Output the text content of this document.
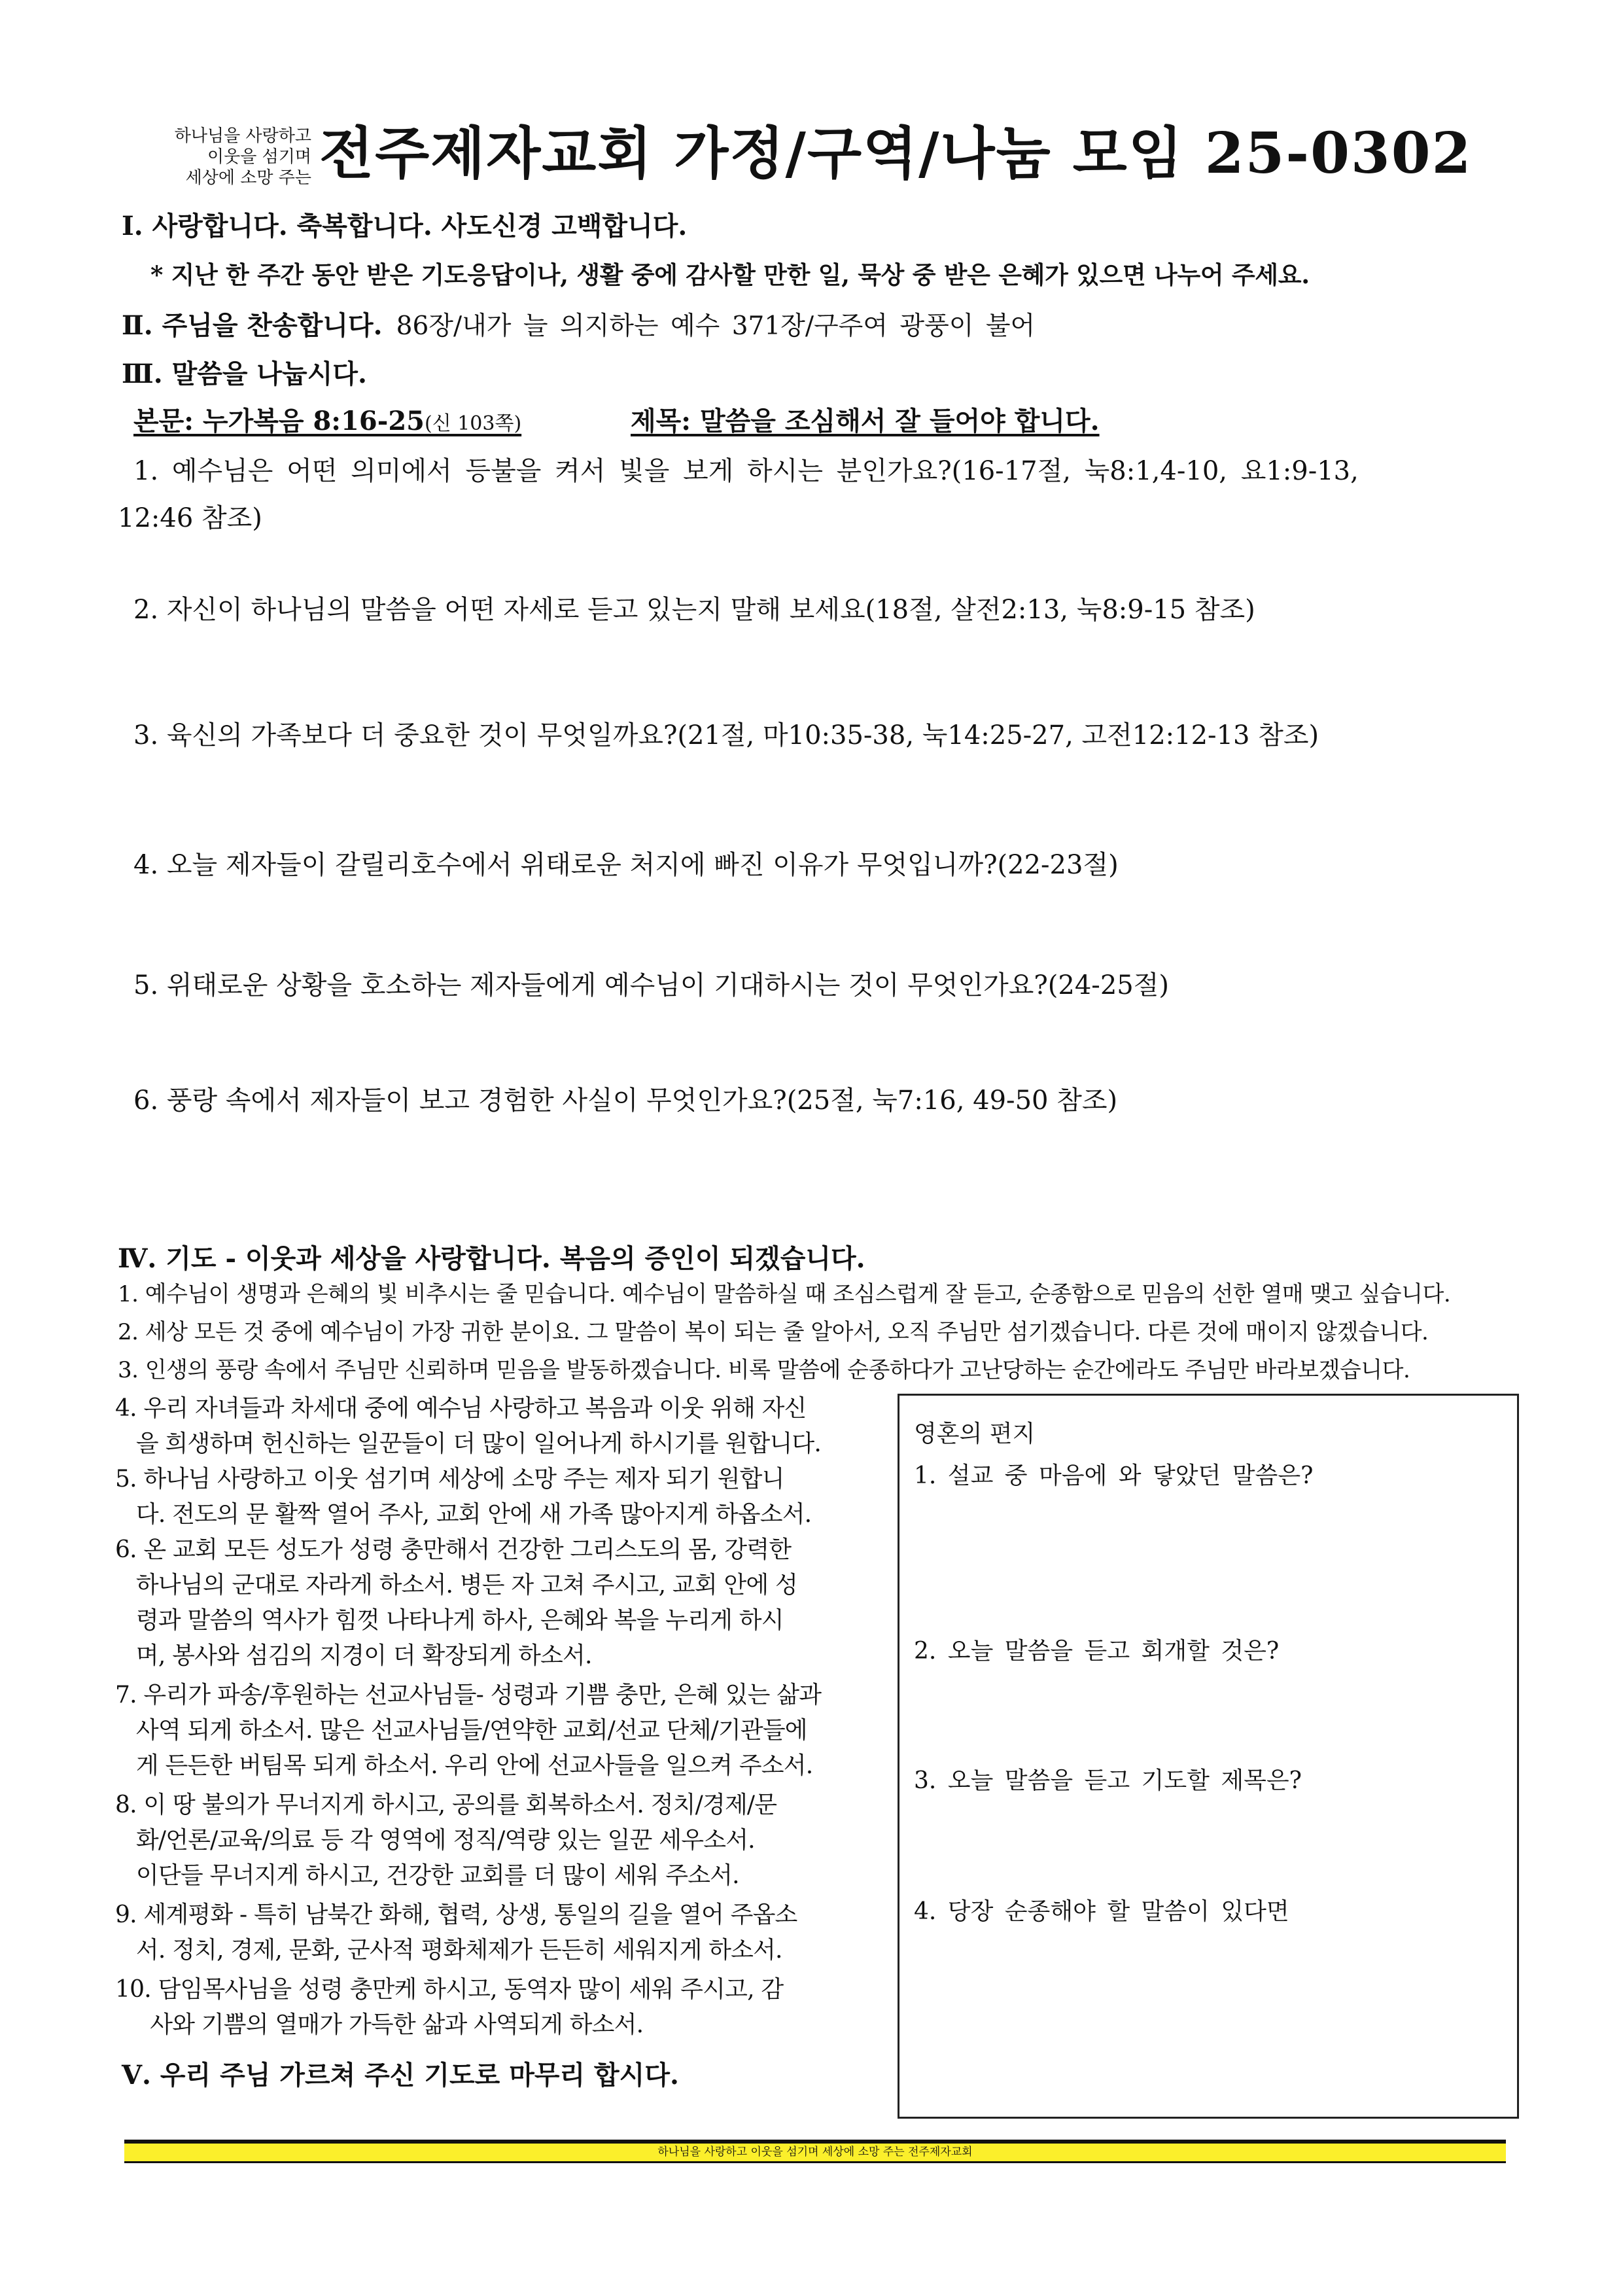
하나님을 사랑하고
이웃을 섬기며
세상에 소망 주는 전주제자교회 가정/구역/나눔 모임 25-0302
Ⅰ. 사랑합니다. 축복합니다. 사도신경 고백합니다.
* 지난 한 주간 동안 받은 기도응답이나, 생활 중에 감사할 만한 일, 묵상 중 받은 은혜가 있으면 나누어 주세요.
Ⅱ. 주님을 찬송합니다. 86장/내가 늘 의지하는 예수 371장/구주여 광풍이 불어
Ⅲ. 말씀을 나눕시다.
본문: 누가복음 8:16-25(신 103쪽)	제목: 말씀을 조심해서 잘 들어야 합니다.
1. 예수님은 어떤 의미에서 등불을 켜서 빛을 보게 하시는 분인가요?(16-17절, 눅8:1,4-10, 요1:9-13,
12:46 참조)
2. 자신이 하나님의 말씀을 어떤 자세로 듣고 있는지 말해 보세요(18절, 살전2:13, 눅8:9-15 참조)
3. 육신의 가족보다 더 중요한 것이 무엇일까요?(21절, 마10:35-38, 눅14:25-27, 고전12:12-13 참조)
4. 오늘 제자들이 갈릴리호수에서 위태로운 처지에 빠진 이유가 무엇입니까?(22-23절)
5. 위태로운 상황을 호소하는 제자들에게 예수님이 기대하시는 것이 무엇인가요?(24-25절)
6. 풍랑 속에서 제자들이 보고 경험한 사실이 무엇인가요?(25절, 눅7:16, 49-50 참조)
Ⅳ. 기도 - 이웃과 세상을 사랑합니다. 복음의 증인이 되겠습니다.
1. 예수님이 생명과 은혜의 빛 비추시는 줄 믿습니다. 예수님이 말씀하실 때 조심스럽게 잘 듣고, 순종함으로 믿음의 선한 열매 맺고 싶습니다.
2. 세상 모든 것 중에 예수님이 가장 귀한 분이요. 그 말씀이 복이 되는 줄 알아서, 오직 주님만 섬기겠습니다. 다른 것에 매이지 않겠습니다.
3. 인생의 풍랑 속에서 주님만 신뢰하며 믿음을 발동하겠습니다. 비록 말씀에 순종하다가 고난당하는 순간에라도 주님만 바라보겠습니다.
4. 우리 자녀들과 차세대 중에 예수님 사랑하고 복음과 이웃 위해 자신
을 희생하며 헌신하는 일꾼들이 더 많이 일어나게 하시기를 원합니다.
5. 하나님 사랑하고 이웃 섬기며 세상에 소망 주는 제자 되기 원합니
다. 전도의 문 활짝 열어 주사, 교회 안에 새 가족 많아지게 하옵소서.
6. 온 교회 모든 성도가 성령 충만해서 건강한 그리스도의 몸, 강력한
하나님의 군대로 자라게 하소서. 병든 자 고쳐 주시고, 교회 안에 성
령과 말씀의 역사가 힘껏 나타나게 하사, 은혜와 복을 누리게 하시
며, 봉사와 섬김의 지경이 더 확장되게 하소서.
7. 우리가 파송/후원하는 선교사님들- 성령과 기쁨 충만, 은혜 있는 삶과
사역 되게 하소서. 많은 선교사님들/연약한 교회/선교 단체/기관들에
게 든든한 버팀목 되게 하소서. 우리 안에 선교사들을 일으켜 주소서.
8. 이 땅 불의가 무너지게 하시고, 공의를 회복하소서. 정치/경제/문
화/언론/교육/의료 등 각 영역에 정직/역량 있는 일꾼 세우소서.
이단들 무너지게 하시고, 건강한 교회를 더 많이 세워 주소서.
9. 세계평화 - 특히 남북간 화해, 협력, 상생, 통일의 길을 열어 주옵소
서. 정치, 경제, 문화, 군사적 평화체제가 든든히 세워지게 하소서.
10. 담임목사님을 성령 충만케 하시고, 동역자 많이 세워 주시고, 감
사와 기쁨의 열매가 가득한 삶과 사역되게 하소서.
Ⅴ. 우리 주님 가르쳐 주신 기도로 마무리 합시다.
영혼의 편지
1. 설교 중 마음에 와 닿았던 말씀은?
2. 오늘 말씀을 듣고 회개할 것은?
3. 오늘 말씀을 듣고 기도할 제목은?
4. 당장 순종해야 할 말씀이 있다면
하나님을 사랑하고 이웃을 섬기며 세상에 소망 주는 전주제자교회
